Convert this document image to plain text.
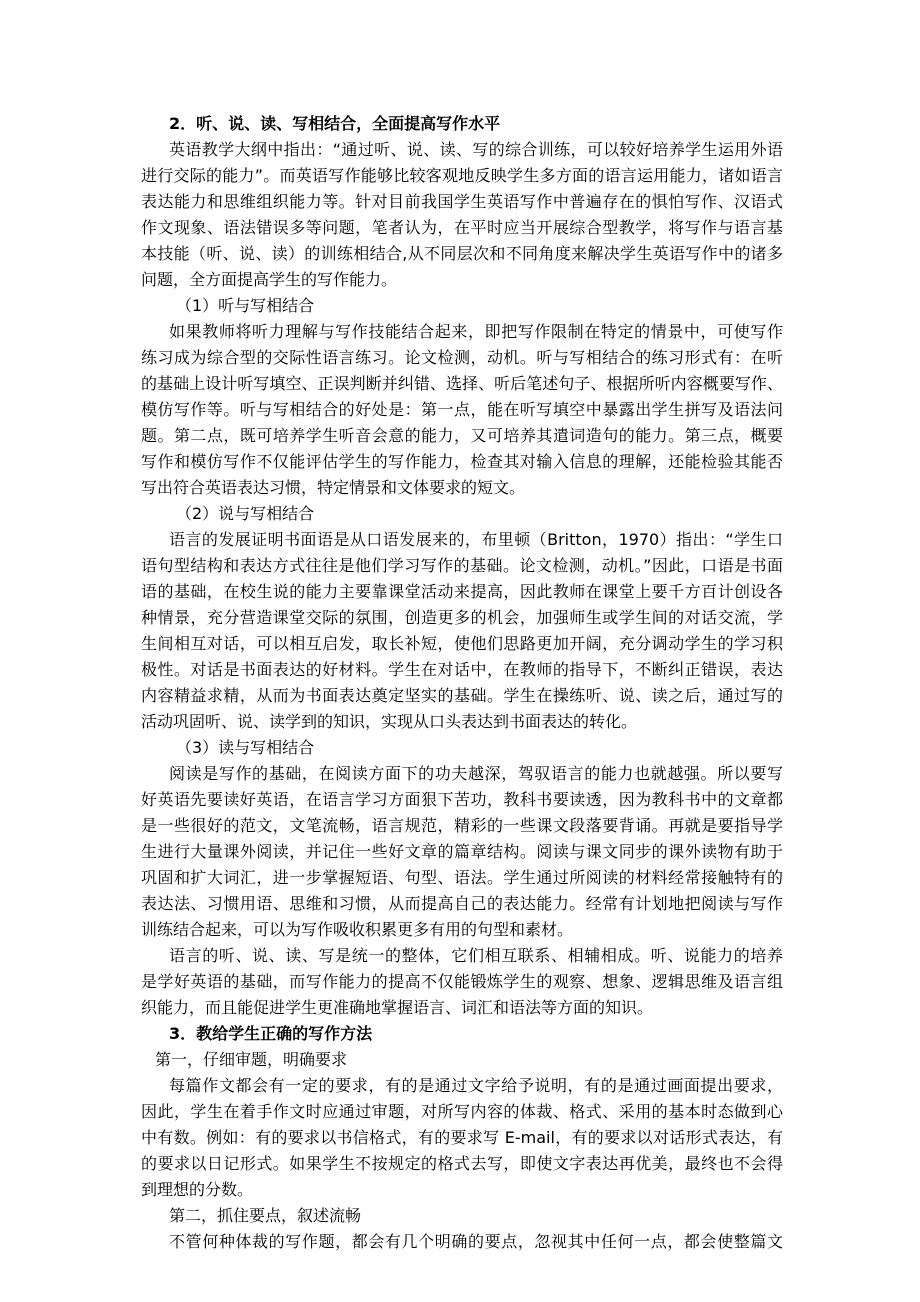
2．听、说、读、写相结合，全面提高写作水平
英语教学大纲中指出：“通过听、说、读、写的综合训练，可以较好培养学生运用外语
进行交际的能力”。而英语写作能够比较客观地反映学生多方面的语言运用能力，诸如语言
表达能力和思维组织能力等。针对目前我国学生英语写作中普遍存在的惧怕写作、汉语式
作文现象、语法错误多等问题，笔者认为，在平时应当开展综合型教学，将写作与语言基
本技能（听、说、读）的训练相结合,从不同层次和不同角度来解决学生英语写作中的诸多
问题，全方面提高学生的写作能力。
（1）听与写相结合
如果教师将听力理解与写作技能结合起来，即把写作限制在特定的情景中，可使写作
练习成为综合型的交际性语言练习。论文检测，动机。听与写相结合的练习形式有：在听
的基础上设计听写填空、正误判断并纠错、选择、听后笔述句子、根据所听内容概要写作、
模仿写作等。听与写相结合的好处是：第一点，能在听写填空中暴露出学生拼写及语法问
题。第二点，既可培养学生听音会意的能力，又可培养其遣词造句的能力。第三点，概要
写作和模仿写作不仅能评估学生的写作能力，检查其对输入信息的理解，还能检验其能否
写出符合英语表达习惯，特定情景和文体要求的短文。
（2）说与写相结合
语言的发展证明书面语是从口语发展来的，布里顿（Britton，1970）指出：“学生口
语句型结构和表达方式往往是他们学习写作的基础。论文检测，动机。”因此，口语是书面
语的基础，在校生说的能力主要靠课堂活动来提高，因此教师在课堂上要千方百计创设各
种情景，充分营造课堂交际的氛围，创造更多的机会，加强师生或学生间的对话交流，学
生间相互对话，可以相互启发，取长补短，使他们思路更加开阔，充分调动学生的学习积
极性。对话是书面表达的好材料。学生在对话中，在教师的指导下，不断纠正错误，表达
内容精益求精，从而为书面表达奠定坚实的基础。学生在操练听、说、读之后，通过写的
活动巩固听、说、读学到的知识，实现从口头表达到书面表达的转化。
（3）读与写相结合
阅读是写作的基础，在阅读方面下的功夫越深，驾驭语言的能力也就越强。所以要写
好英语先要读好英语，在语言学习方面狠下苦功，教科书要读透，因为教科书中的文章都
是一些很好的范文，文笔流畅，语言规范，精彩的一些课文段落要背诵。再就是要指导学
生进行大量课外阅读，并记住一些好文章的篇章结构。阅读与课文同步的课外读物有助于
巩固和扩大词汇，进一步掌握短语、句型、语法。学生通过所阅读的材料经常接触特有的
表达法、习惯用语、思维和习惯，从而提高自己的表达能力。经常有计划地把阅读与写作
训练结合起来，可以为写作吸收积累更多有用的句型和素材。
语言的听、说、读、写是统一的整体，它们相互联系、相辅相成。听、说能力的培养
是学好英语的基础，而写作能力的提高不仅能锻炼学生的观察、想象、逻辑思维及语言组
织能力，而且能促进学生更准确地掌握语言、词汇和语法等方面的知识。
3．教给学生正确的写作方法
第一，仔细审题，明确要求
每篇作文都会有一定的要求，有的是通过文字给予说明，有的是通过画面提出要求，
因此，学生在着手作文时应通过审题，对所写内容的体裁、格式、采用的基本时态做到心
中有数。例如：有的要求以书信格式，有的要求写 E-mail，有的要求以对话形式表达，有
的要求以日记形式。如果学生不按规定的格式去写，即使文字表达再优美，最终也不会得
到理想的分数。
第二，抓住要点，叙述流畅
不管何种体裁的写作题，都会有几个明确的要点，忽视其中任何一点，都会使整篇文
